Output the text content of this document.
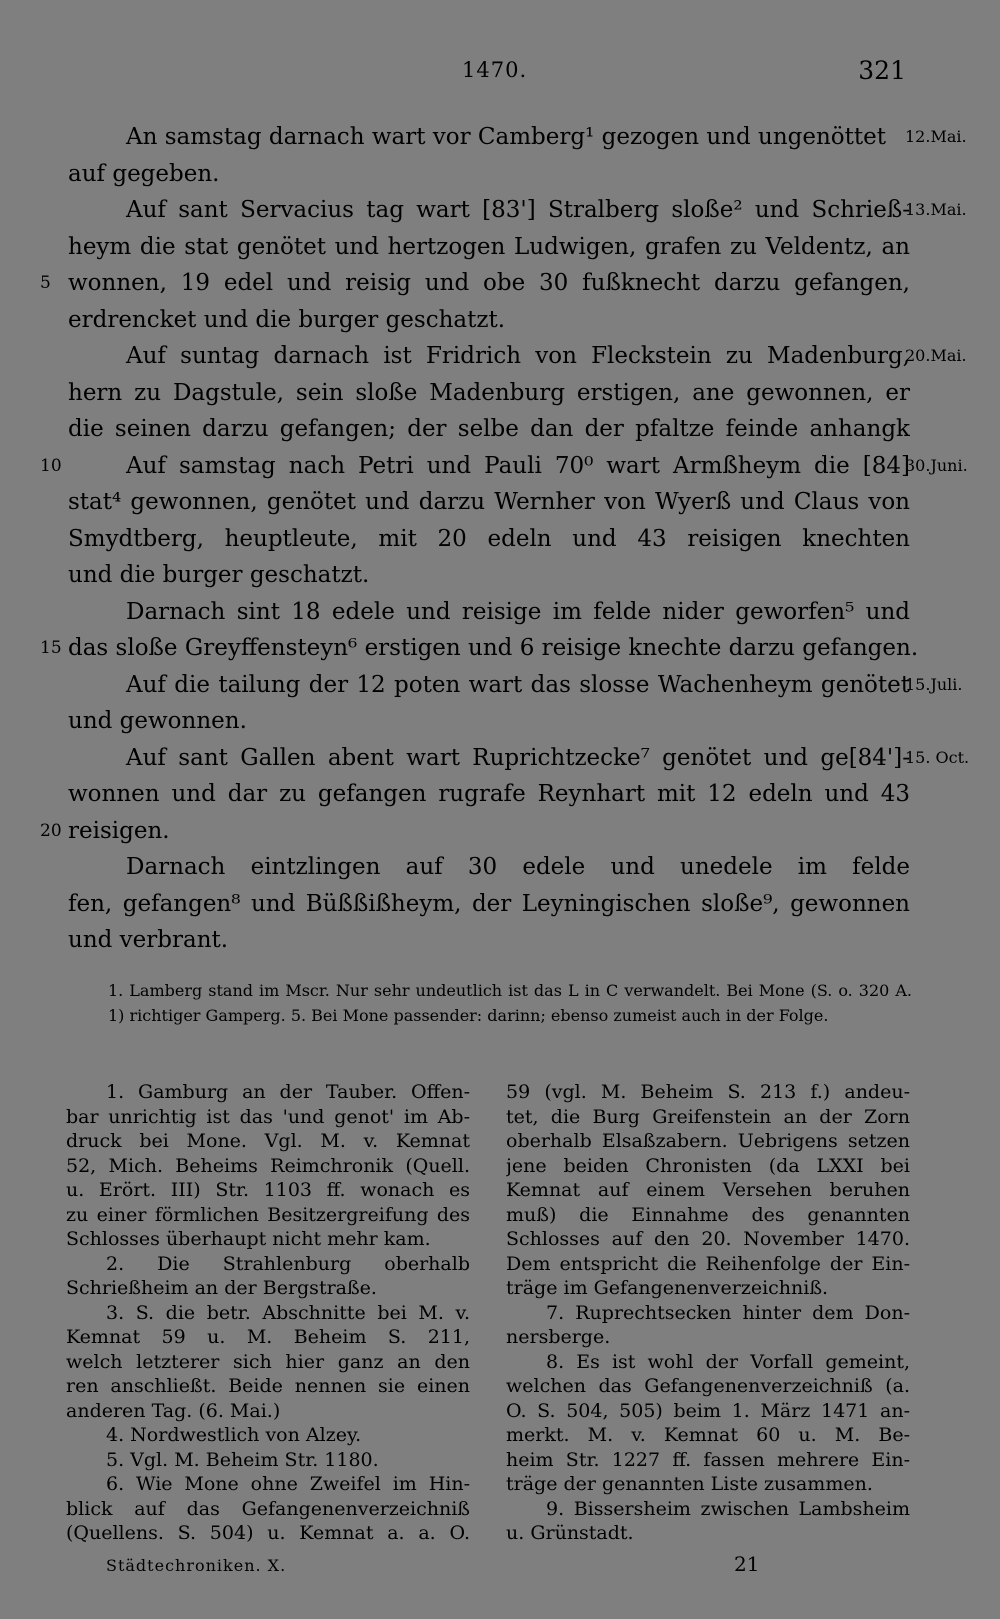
1470.	321
An samstag darnach wart vor Camberg¹ gezogen und ungenöttet	12.Mai.
auf gegeben.
Auf sant Servacius tag wart [83'] Stralberg sloße² und Schrieß-
13.Mai.
heym die stat genötet und hertzogen Ludwigen, grafen zu Veldentz, an
5 wonnen, 19 edel und reisig und obe 30 fußknecht darzu gefangen,
erdrencket und die burger geschatzt.
Auf suntag darnach ist Fridrich von Fleckstein zu Madenburg,
20.Mai.
hern zu Dagstule, sein sloße Madenburg erstigen, ane gewonnen, er
die seinen darzu gefangen; der selbe dan der pfaltze feinde anhangk
10	Auf samstag nach Petri und Pauli 70⁰ wart Armßheym die [84]
30.Juni.
stat⁴ gewonnen, genötet und darzu Wernher von Wyerß und Claus von
Smydtberg, heuptleute, mit 20 edeln und 43 reisigen knechten
und die burger geschatzt.
Darnach sint 18 edele und reisige im felde nider geworfen⁵ und
15 das sloße Greyffensteyn⁶ erstigen und 6 reisige knechte darzu gefangen.
Auf die tailung der 12 poten wart das slosse Wachenheym genötet
15.Juli.
und gewonnen.
Auf sant Gallen abent wart Ruprichtzecke⁷ genötet und ge[84']-
15. Oct.
wonnen und dar zu gefangen rugrafe Reynhart mit 12 edeln und 43
20 reisigen.
Darnach eintzlingen auf 30 edele und unedele im felde
fen, gefangen⁸ und Büßßißheym, der Leyningischen sloße⁹, gewonnen
und verbrant.
1. Lamberg stand im Mscr. Nur sehr undeutlich ist das L in C verwandelt. Bei Mone (S. o. 320 A. 1) richtiger Gamperg. 5. Bei Mone passender: darinn; ebenso zumeist auch in der Folge.
1. Gamburg an der Tauber. Offen-
bar unrichtig ist das 'und genot' im Ab-
druck bei Mone. Vgl. M. v. Kemnat
52, Mich. Beheims Reimchronik (Quell.
u. Erört. III) Str. 1103 ff. wonach es
zu einer förmlichen Besitzergreifung des
Schlosses überhaupt nicht mehr kam.
2. Die Strahlenburg oberhalb
Schrießheim an der Bergstraße.
3. S. die betr. Abschnitte bei M. v.
Kemnat 59 u. M. Beheim S. 211,
welch letzterer sich hier ganz an den
ren anschließt. Beide nennen sie einen
anderen Tag. (6. Mai.)
4. Nordwestlich von Alzey.
5. Vgl. M. Beheim Str. 1180.
6. Wie Mone ohne Zweifel im Hin-
blick auf das Gefangenenverzeichniß
(Quellens. S. 504) u. Kemnat a. a. O.
59 (vgl. M. Beheim S. 213 f.) andeu-
tet, die Burg Greifenstein an der Zorn
oberhalb Elsaßzabern. Uebrigens setzen
jene beiden Chronisten (da LXXI bei
Kemnat auf einem Versehen beruhen
muß) die Einnahme des genannten
Schlosses auf den 20. November 1470.
Dem entspricht die Reihenfolge der Ein-
träge im Gefangenenverzeichniß.
7. Ruprechtsecken hinter dem Don-
nersberge.
8. Es ist wohl der Vorfall gemeint,
welchen das Gefangenenverzeichniß (a.
O. S. 504, 505) beim 1. März 1471 an-
merkt. M. v. Kemnat 60 u. M. Be-
heim Str. 1227 ff. fassen mehrere Ein-
träge der genannten Liste zusammen.
9. Bissersheim zwischen Lambsheim
u. Grünstadt.
Städtechroniken. X.	21
